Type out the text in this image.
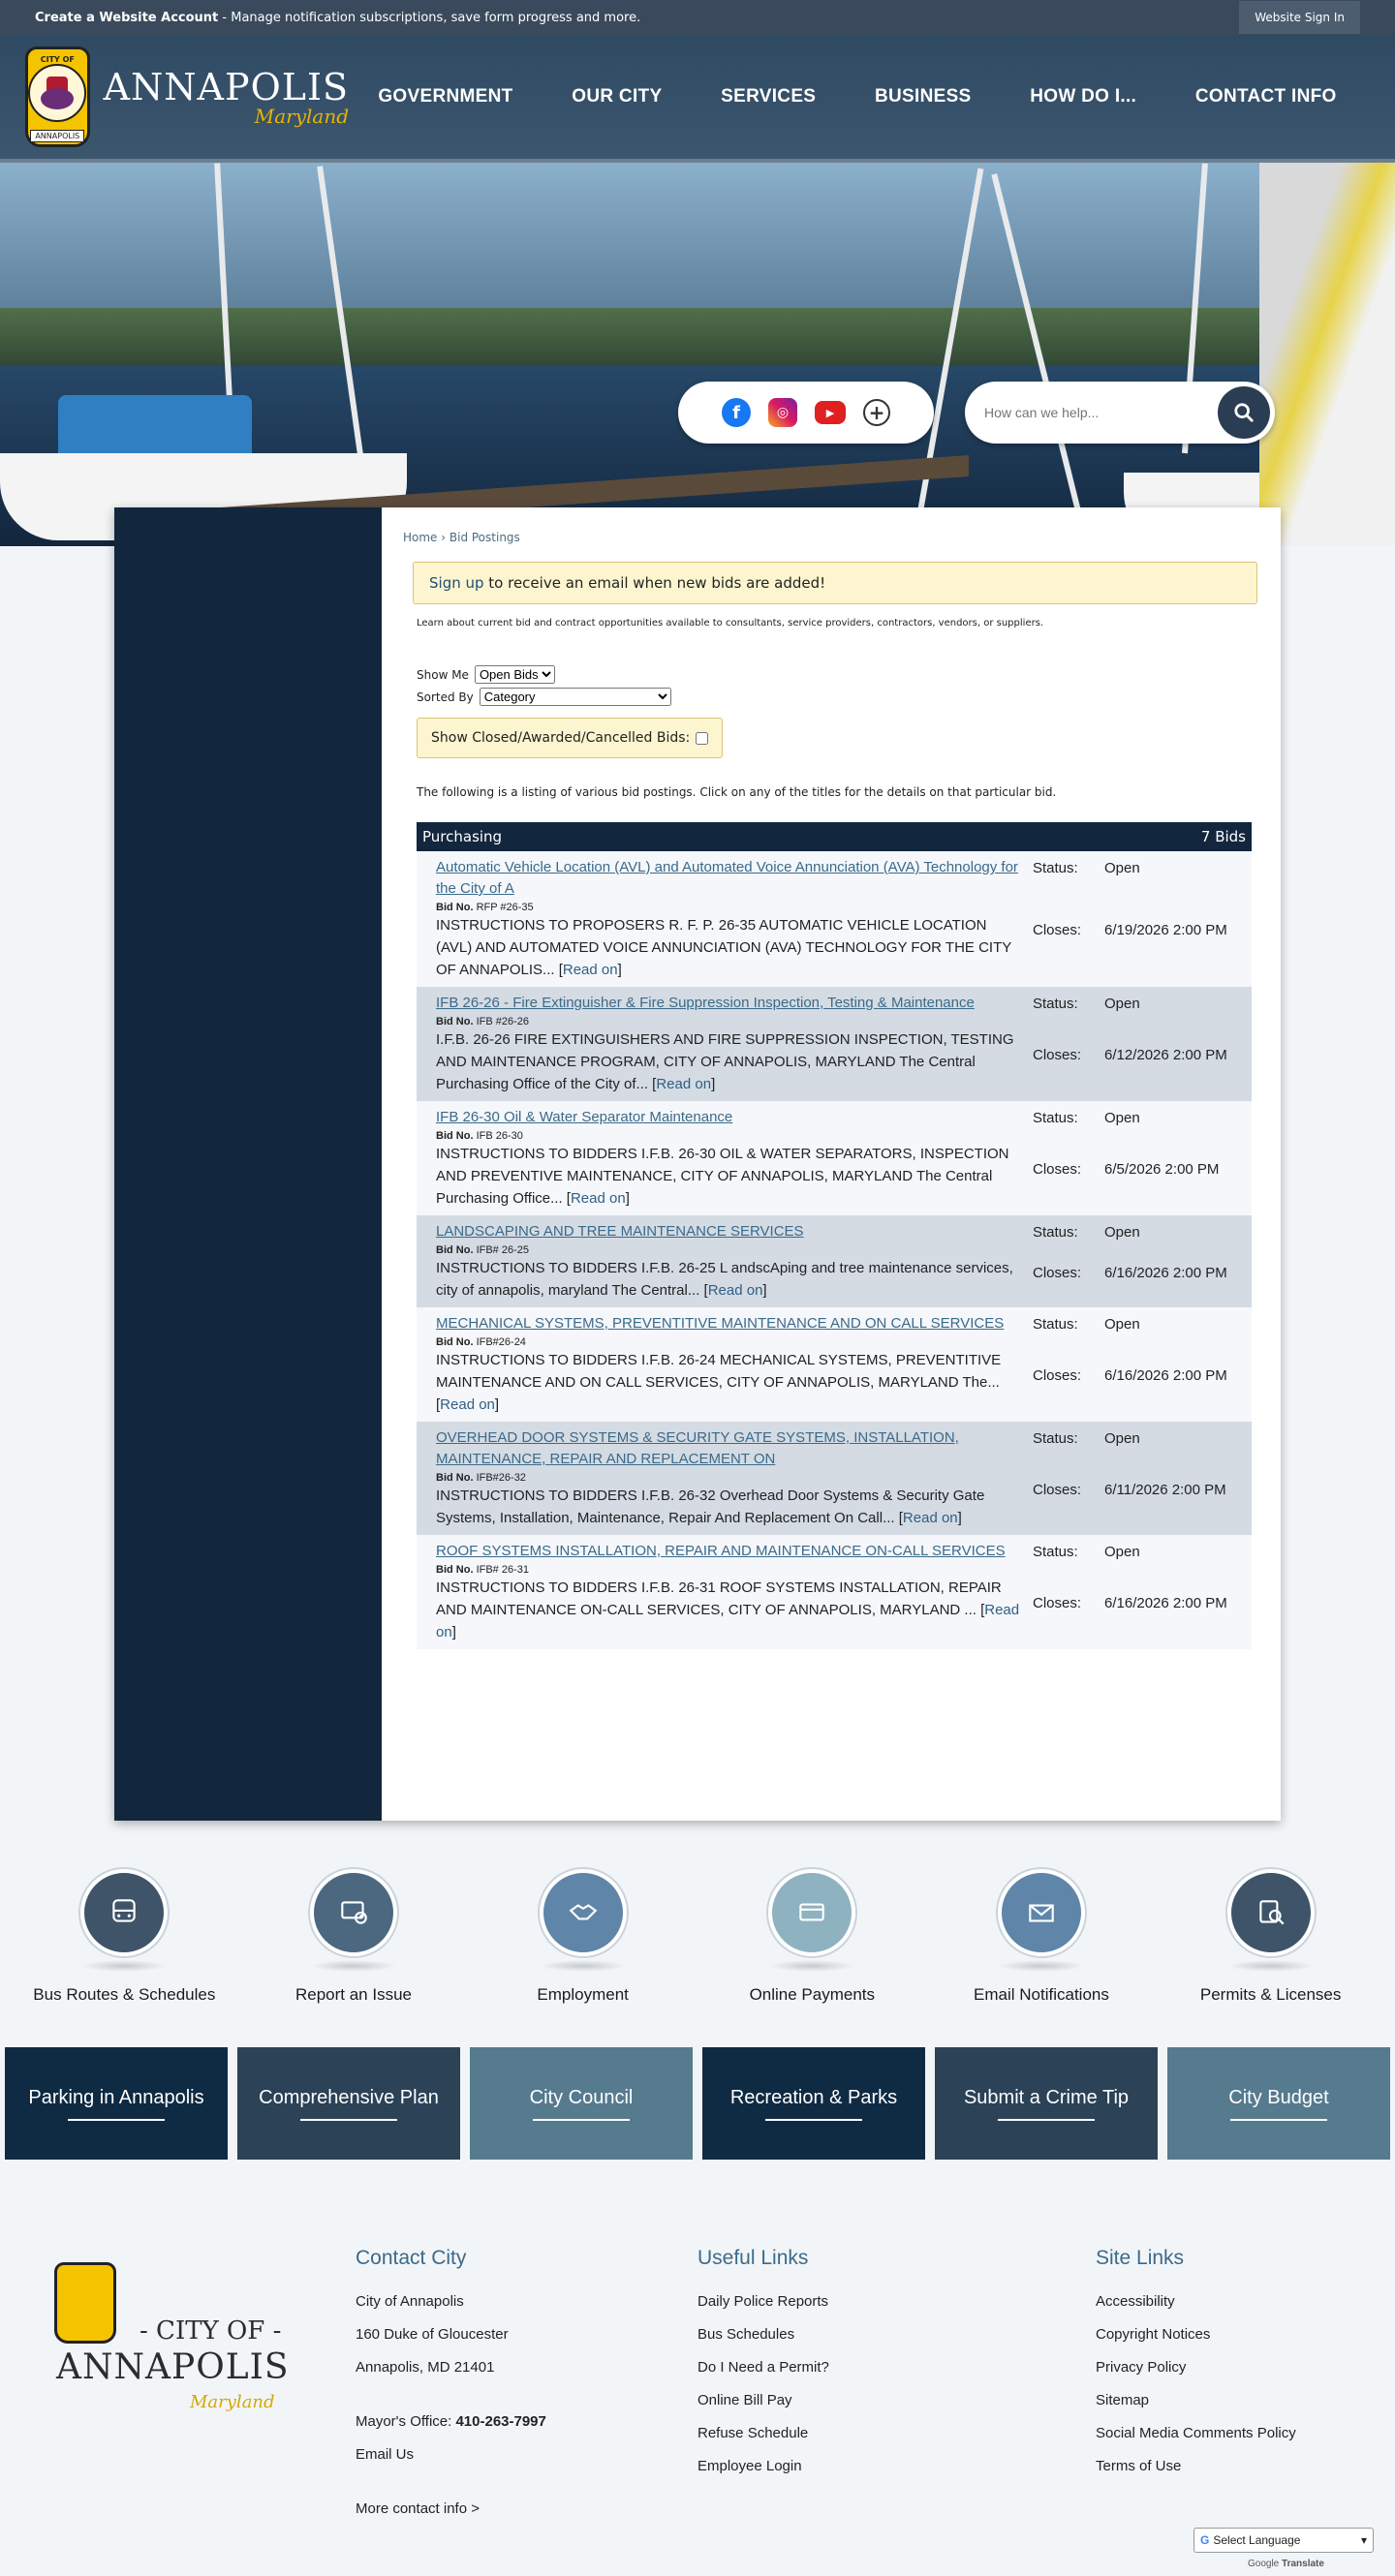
Create a Website Account - Manage notification subscriptions, save form progress and more.	Website Sign In
CITY OF
ANNAPOLIS
ANNAPOLIS
Maryland
GOVERNMENT	OUR CITY	SERVICES	BUSINESS	HOW DO I...	CONTACT INFO
f	◎	▶	+
How can we help...
Home › Bid Postings
Sign up to receive an email when new bids are added!

Learn about current bid and contract opportunities available to consultants, service providers, contractors, vendors, or suppliers.

Show Me
Open Bids
Sorted By
Category
Show Closed/Awarded/Cancelled Bids:

The following is a listing of various bid postings. Click on any of the titles for the details on that particular bid.

Purchasing	7 Bids
Automatic Vehicle Location (AVL) and Automated Voice Annunciation (AVA) Technology for the City of A
Bid No. RFP #26-35
INSTRUCTIONS TO PROPOSERS R. F. P. 26-35 AUTOMATIC VEHICLE LOCATION (AVL) AND AUTOMATED VOICE ANNUNCIATION (AVA) TECHNOLOGY FOR THE CITY OF ANNAPOLIS... [Read on]
Status:	Open
Closes:	6/19/2026 2:00 PM
IFB 26-26 - Fire Extinguisher & Fire Suppression Inspection, Testing & Maintenance
Bid No. IFB #26-26
I.F.B. 26-26 FIRE EXTINGUISHERS AND FIRE SUPPRESSION INSPECTION, TESTING AND MAINTENANCE PROGRAM, CITY OF ANNAPOLIS, MARYLAND The Central Purchasing Office of the City of... [Read on]
Status:	Open
Closes:	6/12/2026 2:00 PM
IFB 26-30 Oil & Water Separator Maintenance
Bid No. IFB 26-30
INSTRUCTIONS TO BIDDERS I.F.B. 26-30 OIL & WATER SEPARATORS, INSPECTION AND PREVENTIVE MAINTENANCE, CITY OF ANNAPOLIS, MARYLAND The Central Purchasing Office... [Read on]
Status:	Open
Closes:	6/5/2026 2:00 PM
LANDSCAPING AND TREE MAINTENANCE SERVICES
Bid No. IFB# 26-25
INSTRUCTIONS TO BIDDERS I.F.B. 26-25 L andscAping and tree maintenance services, city of annapolis, maryland The Central... [Read on]
Status:	Open
Closes:	6/16/2026 2:00 PM
MECHANICAL SYSTEMS, PREVENTITIVE MAINTENANCE AND ON CALL SERVICES
Bid No. IFB#26-24
INSTRUCTIONS TO BIDDERS I.F.B. 26-24 MECHANICAL SYSTEMS, PREVENTITIVE MAINTENANCE AND ON CALL SERVICES, CITY OF ANNAPOLIS, MARYLAND The... [Read on]
Status:	Open
Closes:	6/16/2026 2:00 PM
OVERHEAD DOOR SYSTEMS & SECURITY GATE SYSTEMS, INSTALLATION, MAINTENANCE, REPAIR AND REPLACEMENT ON
Bid No. IFB#26-32
INSTRUCTIONS TO BIDDERS I.F.B. 26-32 Overhead Door Systems & Security Gate Systems, Installation, Maintenance, Repair And Replacement On Call... [Read on]
Status:	Open
Closes:	6/11/2026 2:00 PM
ROOF SYSTEMS INSTALLATION, REPAIR AND MAINTENANCE ON-CALL SERVICES
Bid No. IFB# 26-31
INSTRUCTIONS TO BIDDERS I.F.B. 26-31 ROOF SYSTEMS INSTALLATION, REPAIR AND MAINTENANCE ON-CALL SERVICES, CITY OF ANNAPOLIS, MARYLAND ... [Read on]
Status:	Open
Closes:	6/16/2026 2:00 PM
Bus Routes & Schedules	Report an Issue	Employment	Online Payments	Email Notifications	Permits & Licenses
Parking in Annapolis	Comprehensive Plan	City Council	Recreation & Parks	Submit a Crime Tip	City Budget
- CITY OF -
ANNAPOLIS
Maryland
Contact City
City of Annapolis
160 Duke of Gloucester
Annapolis, MD 21401
Mayor's Office: 410-263-7997
Email Us
More contact info >
Useful Links
Daily Police Reports
Bus Schedules
Do I Need a Permit?
Online Bill Pay
Refuse Schedule
Employee Login
Site Links
Accessibility
Copyright Notices
Privacy Policy
Sitemap
Social Media Comments Policy
Terms of Use
G Select Language	▾
Google Translate
